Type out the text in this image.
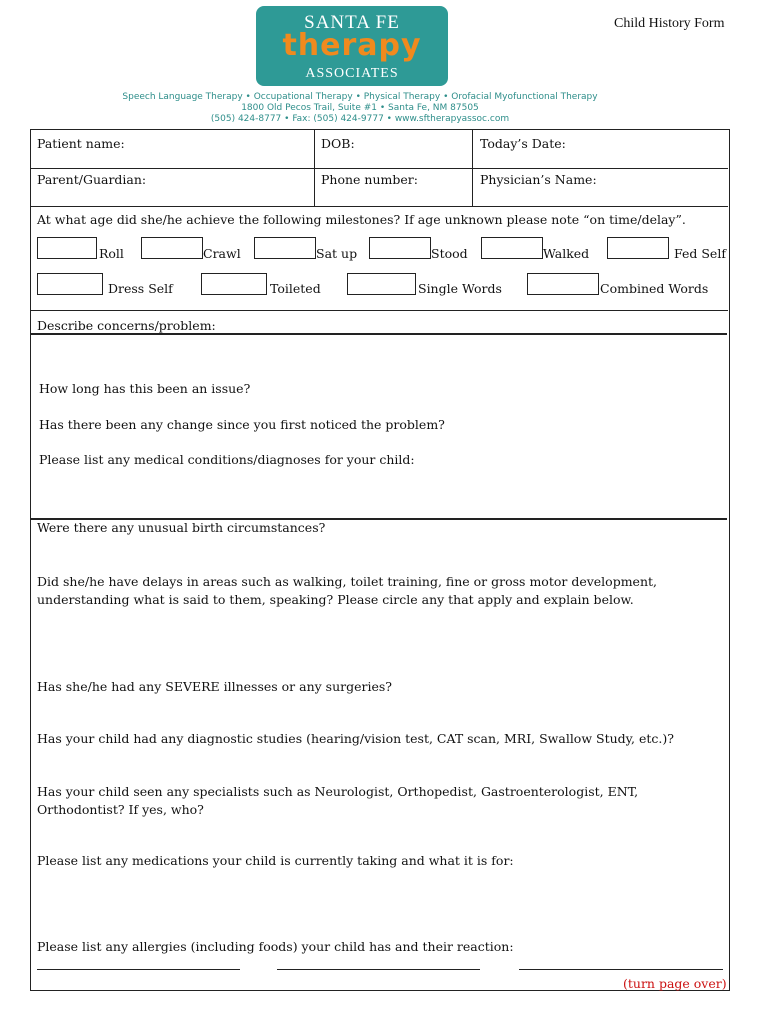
SANTA FE
therapy
ASSOCIATES
Child History Form
Speech Language Therapy • Occupational Therapy • Physical Therapy • Orofacial Myofunctional Therapy
1800 Old Pecos Trail, Suite #1 • Santa Fe, NM 87505
(505) 424-8777 • Fax: (505) 424-9777 • www.sftherapyassoc.com
Patient name:	DOB:	Today’s Date:
Parent/Guardian:	Phone number:	Physician’s Name:
At what age did she/he achieve the following milestones? If age unknown please note “on time/delay”.
Roll	Crawl	Sat up	Stood	Walked	Fed Self
Dress Self	Toileted	Single Words	Combined Words
Describe concerns/problem:
How long has this been an issue?
Has there been any change since you first noticed the problem?
Please list any medical conditions/diagnoses for your child:
Were there any unusual birth circumstances?
Did she/he have delays in areas such as walking, toilet training, fine or gross motor development,
understanding what is said to them, speaking? Please circle any that apply and explain below.
Has she/he had any SEVERE illnesses or any surgeries?
Has your child had any diagnostic studies (hearing/vision test, CAT scan, MRI, Swallow Study, etc.)?
Has your child seen any specialists such as Neurologist, Orthopedist, Gastroenterologist, ENT,
Orthodontist? If yes, who?
Please list any medications your child is currently taking and what it is for:
Please list any allergies (including foods) your child has and their reaction:
(turn page over)
